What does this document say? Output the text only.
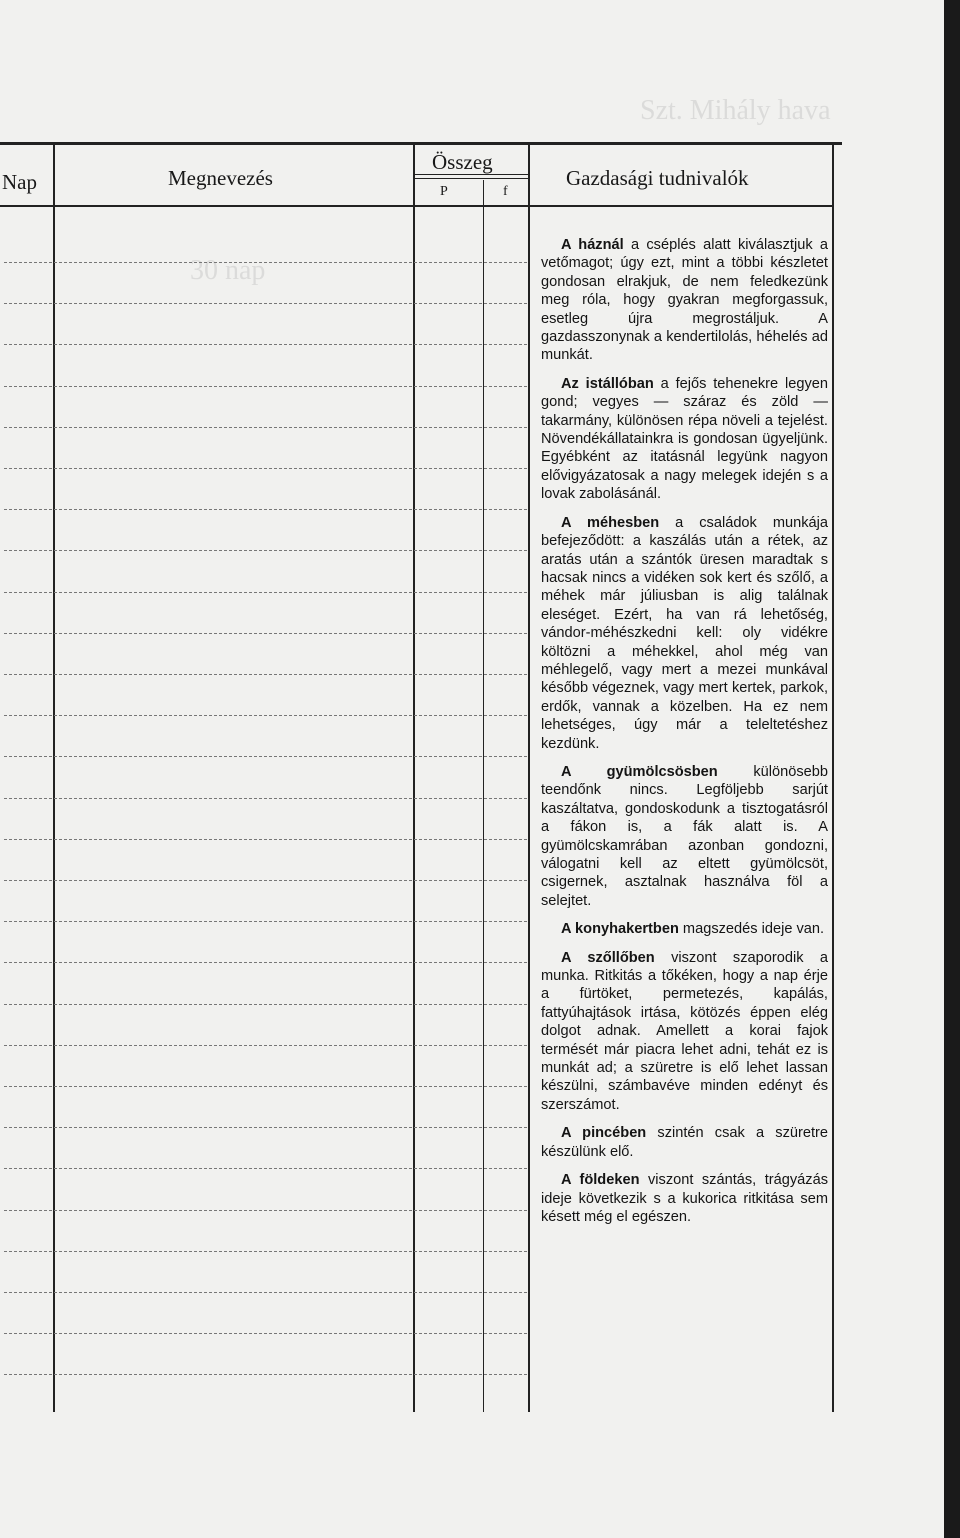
30 nap
Szt. Mihály hava
Nap	Megnevezés
Összeg
P	f
Gazdasági tudnivalók

A háznál a cséplés alatt kiválasztjuk a vetőmagot; úgy ezt, mint a többi készletet gondosan elrakjuk, de nem feledkezünk meg róla, hogy gyakran megforgassuk, esetleg újra megrostáljuk. A gazdasszonynak a kendertilolás, héhelés ad munkát.

Az istállóban a fejős tehenekre legyen gond; vegyes — száraz és zöld — takarmány, különösen répa növeli a tejelést. Növendékállatainkra is gondosan ügyeljünk. Egyébként az itatásnál legyünk nagyon elővigyázatosak a nagy melegek idején s a lovak zabolásánál.

A méhesben a családok munkája befejeződött: a kaszálás után a rétek, az aratás után a szántók üresen maradtak s hacsak nincs a vidéken sok kert és szőlő, a méhek már júliusban is alig találnak eleséget. Ezért, ha van rá lehetőség, vándor-méhészkedni kell: oly vidékre költözni a méhekkel, ahol még van méhlegelő, vagy mert a mezei munkával később végeznek, vagy mert kertek, parkok, erdők, vannak a közelben. Ha ez nem lehetséges, úgy már a teleltetéshez kezdünk.

A gyümölcsösben különösebb teendőnk nincs. Legföljebb sarjút kaszáltatva, gondoskodunk a tisztogatásról a fákon is, a fák alatt is. A gyümölcskamrában azonban gondozni, válogatni kell az eltett gyümölcsöt, csigernek, asztalnak használva föl a selejtet.

A konyhakertben magszedés ideje van.

A szőllőben viszont szaporodik a munka. Ritkitás a tőkéken, hogy a nap érje a fürtöket, permetezés, kapálás, fattyúhajtások irtása, kötözés éppen elég dolgot adnak. Amellett a korai fajok termését már piacra lehet adni, tehát ez is munkát ad; a szüretre is elő lehet lassan készülni, számbavéve minden edényt és szerszámot.

A pincében szintén csak a szüretre készülünk elő.

A földeken viszont szántás, trágyázás ideje következik s a kukorica ritkitása sem késett még el egészen.
